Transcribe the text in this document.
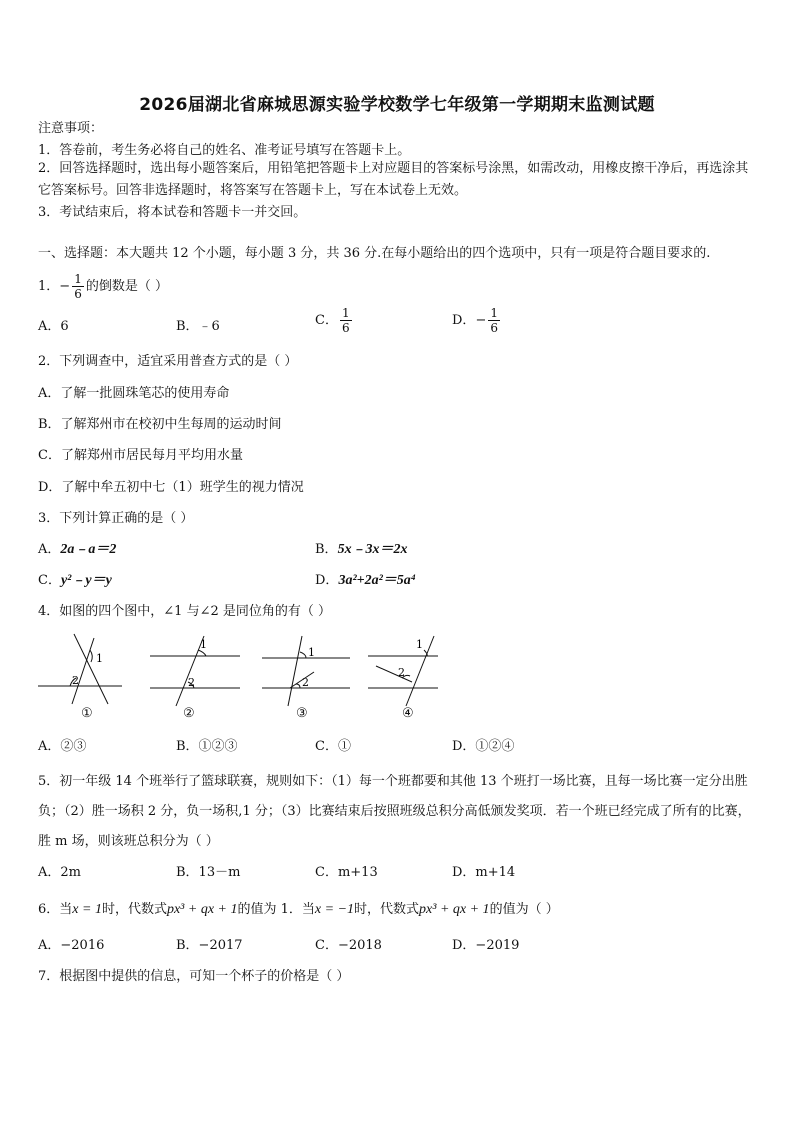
2026届湖北省麻城思源实验学校数学七年级第一学期期末监测试题
注意事项：
1．答卷前，考生务必将自己的姓名、准考证号填写在答题卡上。
2．回答选择题时，选出每小题答案后，用铅笔把答题卡上对应题目的答案标号涂黑，如需改动，用橡皮擦干净后，再选涂其它答案标号。回答非选择题时，将答案写在答题卡上，写在本试卷上无效。
3．考试结束后，将本试卷和答题卡一并交回。
一、选择题：本大题共 12 个小题，每小题 3 分，共 36 分.在每小题给出的四个选项中，只有一项是符合题目要求的.
1． − $\frac{1}{6}$ 的倒数是（ ）
A．6	B．﹣6	C． $\frac{1}{6}$	D． − $\frac{1}{6}$
2．下列调查中，适宜采用普查方式的是（ ）
A．了解一批圆珠笔芯的使用寿命
B．了解郑州市在校初中生每周的运动时间
C．了解郑州市居民每月平均用水量
D．了解中牟五初中七（1）班学生的视力情况
3．下列计算正确的是（ ）
A．2a﹣a＝2	B．5x﹣3x＝2x
C．y²﹣y＝y	D．3a²+2a²＝5a⁴
4．如图的四个图中，∠1 与∠2 是同位角的有（ ）
1
2
①
1
2
②
1
2
③
1
2
④
A．②③	B．①②③	C．①	D．①②④
5．初一年级 14 个班举行了篮球联赛，规则如下：（1）每一个班都要和其他 13 个班打一场比赛，且每一场比赛一定分出胜负；（2）胜一场积 2 分，负一场积,1 分；（3）比赛结束后按照班级总积分高低颁发奖项．若一个班已经完成了所有的比赛，胜 m 场，则该班总积分为（ ）
A．2m	B．13－m	C．m+13	D．m+14
6．当x = 1时，代数式px³ + qx + 1的值为 1．当x = −1时，代数式px³ + qx + 1的值为（ ）
A．−2016	B．−2017	C．−2018	D．−2019
7．根据图中提供的信息，可知一个杯子的价格是（ ）
